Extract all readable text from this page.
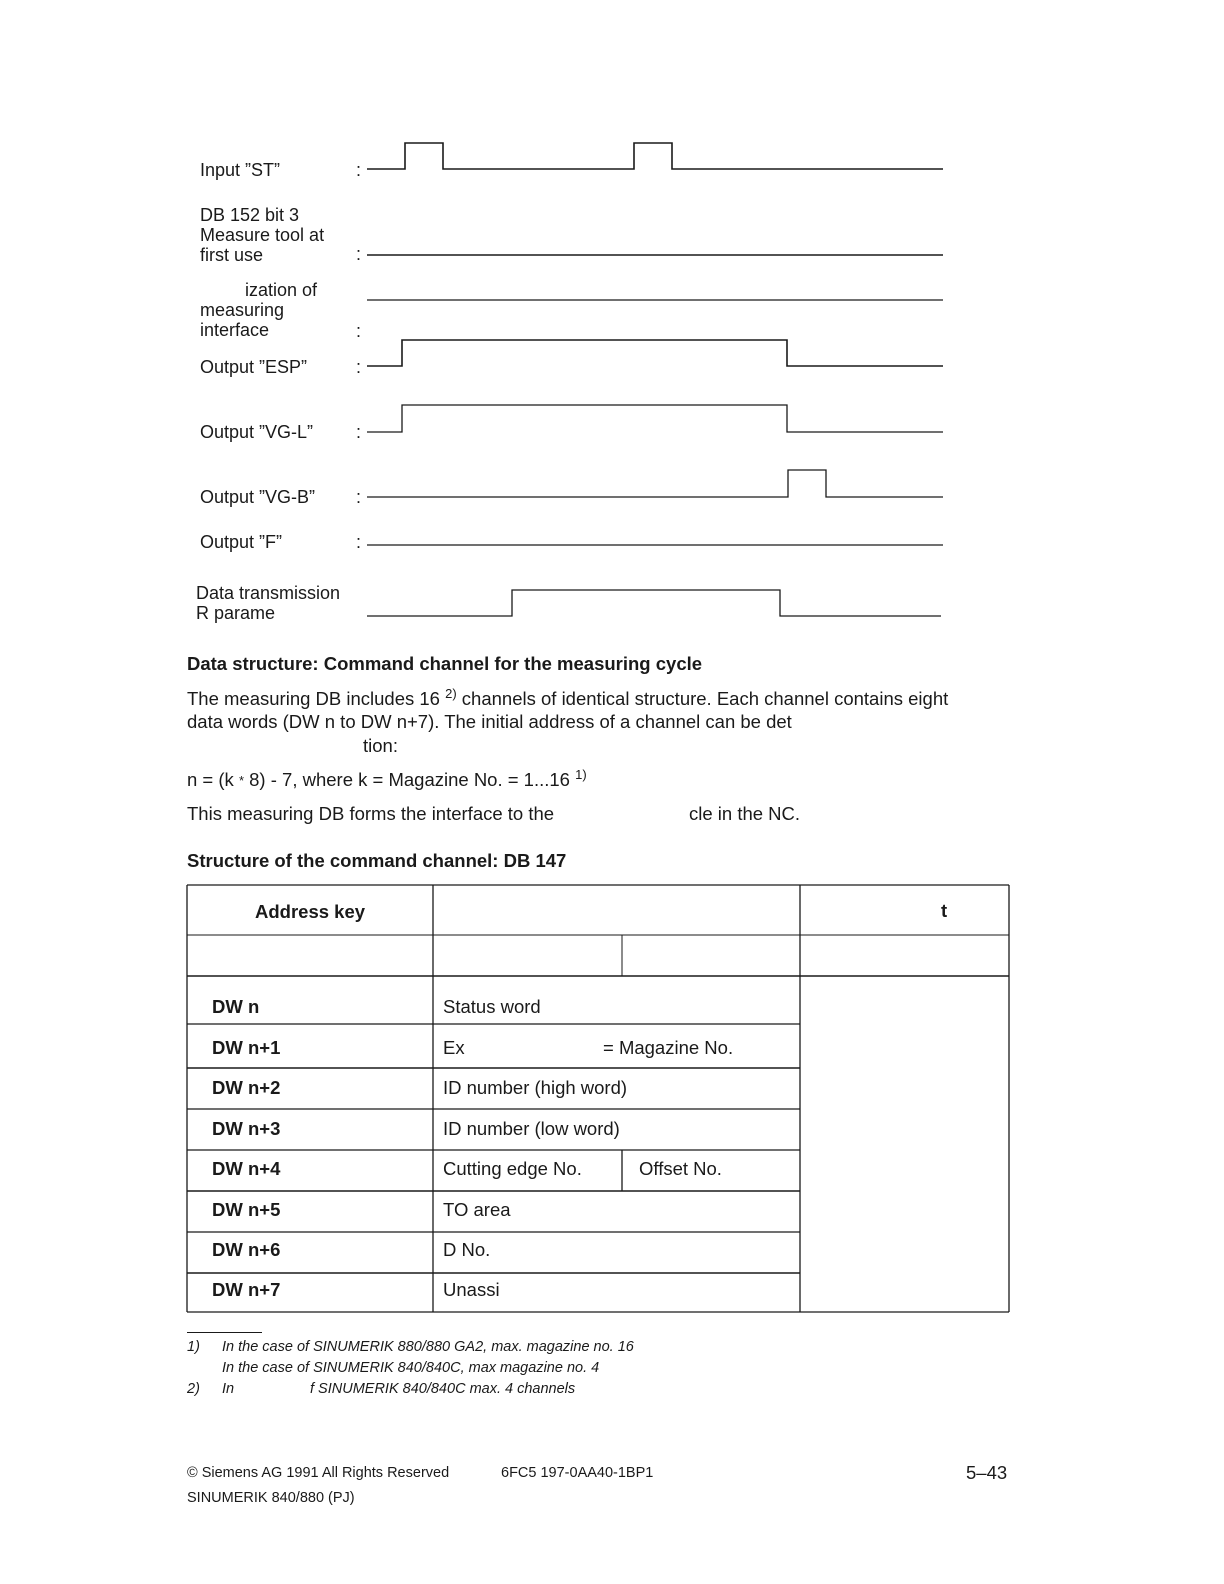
Input ”ST”
DB 152 bit 3
Measure tool at
first use
ization of
measuring
interface
Output ”ESP”
Output ”VG-L”
Output ”VG-B”
Output ”F”
Data transmission
R parame
:
:
:
:
:
:
:
Data structure: Command channel for the measuring cycle
The measuring DB includes 16 $^{2)}$ channels of identical structure. Each channel contains eight
data words (DW n to DW n+7). The initial address of a channel can be det
tion:
n = (k * 8) - 7, where k = Magazine No. = 1...16 $^{1)}$
This measuring DB forms the interface to the	cle in the NC.
Structure of the command channel: DB 147
Address key	t
DW n	Status word
DW n+1	Ex	= Magazine No.
DW n+2	ID number (high word)
DW n+3	ID number (low word)
DW n+4	Cutting edge No.	Offset No.
DW n+5	TO area
DW n+6	D No.
DW n+7	Unassi
1) In the case of SINUMERIK 880/880 GA2, max. magazine no. 16
In the case of SINUMERIK 840/840C, max magazine no. 4
2) In	f SINUMERIK 840/840C max. 4 channels
© Siemens AG 1991 All Rights Reserved	6FC5 197-0AA40-1BP1	5–43
SINUMERIK 840/880 (PJ)
